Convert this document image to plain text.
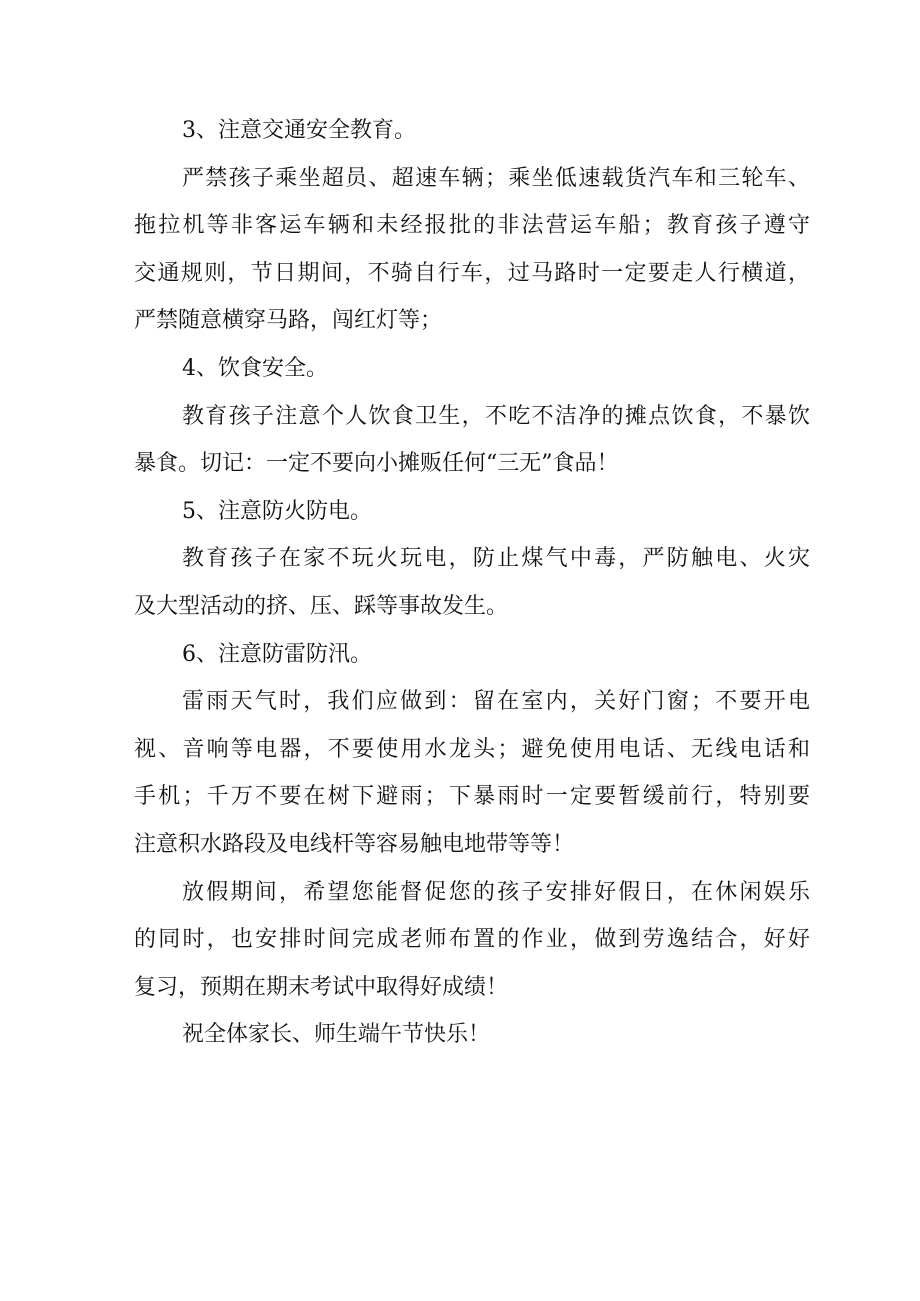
3、注意交通安全教育。
严禁孩子乘坐超员、超速车辆；乘坐低速载货汽车和三轮车、
拖拉机等非客运车辆和未经报批的非法营运车船；教育孩子遵守
交通规则，节日期间，不骑自行车，过马路时一定要走人行横道，
严禁随意横穿马路，闯红灯等；
4、饮食安全。
教育孩子注意个人饮食卫生，不吃不洁净的摊点饮食，不暴饮
暴食。切记：一定不要向小摊贩任何“三无”食品！
5、注意防火防电。
教育孩子在家不玩火玩电，防止煤气中毒，严防触电、火灾
及大型活动的挤、压、踩等事故发生。
6、注意防雷防汛。
雷雨天气时，我们应做到：留在室内，关好门窗；不要开电
视、音响等电器，不要使用水龙头；避免使用电话、无线电话和
手机；千万不要在树下避雨；下暴雨时一定要暂缓前行，特别要
注意积水路段及电线杆等容易触电地带等等！
放假期间，希望您能督促您的孩子安排好假日，在休闲娱乐
的同时，也安排时间完成老师布置的作业，做到劳逸结合，好好
复习，预期在期末考试中取得好成绩！
祝全体家长、师生端午节快乐！
